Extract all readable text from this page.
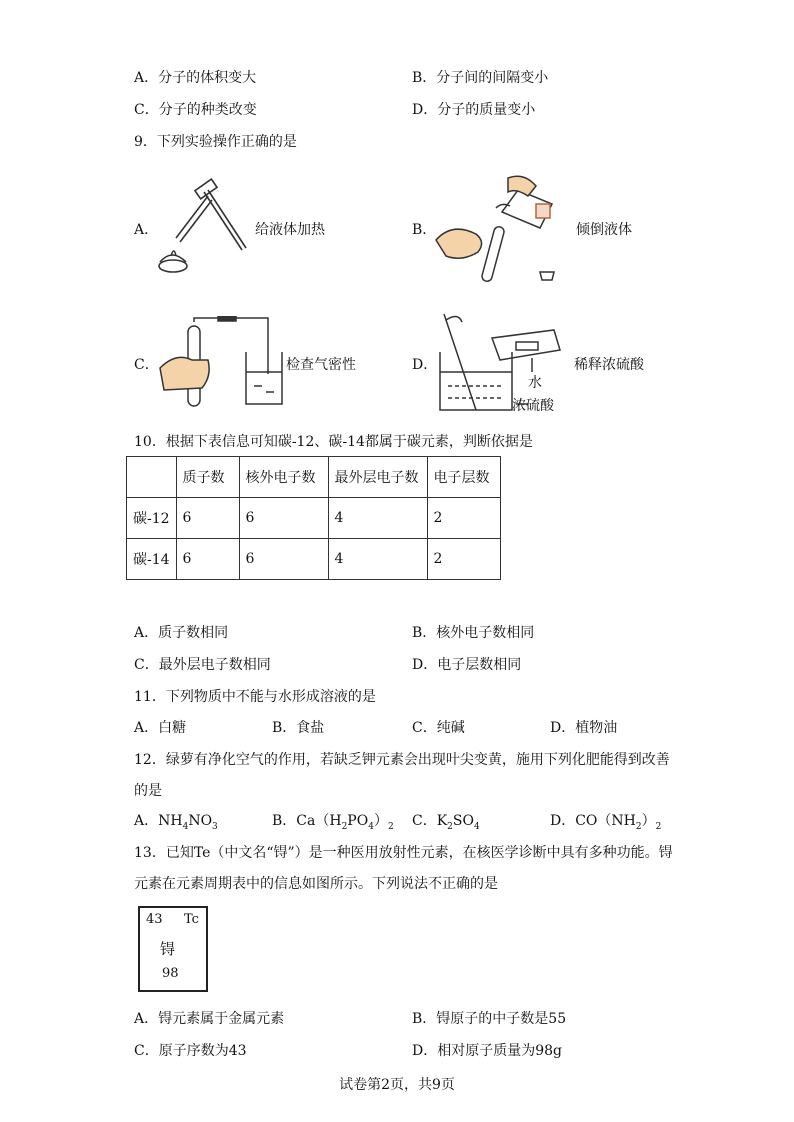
A．分子的体积变大	B．分子间的间隔变小
C．分子的种类改变	D．分子的质量变小
9．下列实验操作正确的是
A．	给液体加热	B．	倾倒液体
C．	检查气密性	D．
水
浓硫酸
稀释浓硫酸
10．根据下表信息可知碳-12、碳-14都属于碳元素，判断依据是
	质子数	核外电子数	最外层电子数	电子层数
碳-12	6	6	4	2
碳-14	6	6	4	2
A．质子数相同	B．核外电子数相同
C．最外层电子数相同	D．电子层数相同
11．下列物质中不能与水形成溶液的是
A．白糖	B．食盐	C．纯碱	D．植物油
12．绿萝有净化空气的作用，若缺乏钾元素会出现叶尖变黄，施用下列化肥能得到改善
的是
A．$NH_4NO_3$	B．$Ca(H_2PO_4)_2$ C．$K_2SO_4$	D．$CO(NH_2)_2$
13．已知Te（中文名“锝”）是一种医用放射性元素，在核医学诊断中具有多种功能。锝
元素在元素周期表中的信息如图所示。下列说法不正确的是
43 Tc
锝
98
A．锝元素属于金属元素	B．锝原子的中子数是55
C．原子序数为43	D．相对原子质量为98g
试卷第2页，共9页
